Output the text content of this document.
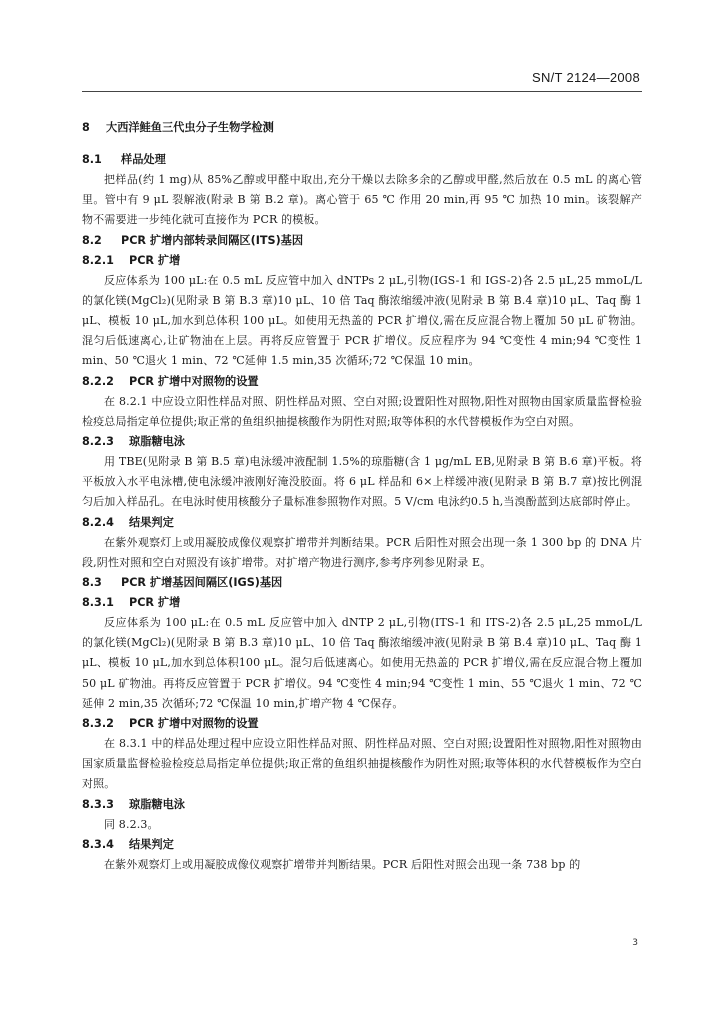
SN/T 2124—2008
8 大西洋鲑鱼三代虫分子生物学检测
8.1 样品处理
把样品(约 1 mg)从 85%乙醇或甲醛中取出,充分干燥以去除多余的乙醇或甲醛,然后放在 0.5 mL 的离心管里。管中有 9 μL 裂解液(附录 B 第 B.2 章)。离心管于 65 ℃ 作用 20 min,再 95 ℃ 加热 10 min。该裂解产物不需要进一步纯化就可直接作为 PCR 的模板。
8.2 PCR 扩增内部转录间隔区(ITS)基因
8.2.1 PCR 扩增
反应体系为 100 μL:在 0.5 mL 反应管中加入 dNTPs 2 μL,引物(IGS-1 和 IGS-2)各 2.5 μL,25 mmoL/L的氯化镁(MgCl₂)(见附录 B 第 B.3 章)10 μL、10 倍 Taq 酶浓缩缓冲液(见附录 B 第 B.4 章)10 μL、Taq 酶 1 μL、模板 10 μL,加水到总体积 100 μL。如使用无热盖的 PCR 扩增仪,需在反应混合物上覆加 50 μL 矿物油。混匀后低速离心,让矿物油在上层。再将反应管置于 PCR 扩增仪。反应程序为 94 ℃变性 4 min;94 ℃变性 1 min、50 ℃退火 1 min、72 ℃延伸 1.5 min,35 次循环;72 ℃保温 10 min。
8.2.2 PCR 扩增中对照物的设置
在 8.2.1 中应设立阳性样品对照、阴性样品对照、空白对照;设置阳性对照物,阳性对照物由国家质量监督检验检疫总局指定单位提供;取正常的鱼组织抽提核酸作为阴性对照;取等体积的水代替模板作为空白对照。
8.2.3 琼脂糖电泳
用 TBE(见附录 B 第 B.5 章)电泳缓冲液配制 1.5%的琼脂糖(含 1 μg/mL EB,见附录 B 第 B.6 章)平板。将平板放入水平电泳槽,使电泳缓冲液刚好淹没胶面。将 6 μL 样品和 6×上样缓冲液(见附录 B 第 B.7 章)按比例混匀后加入样品孔。在电泳时使用核酸分子量标准参照物作对照。5 V/cm 电泳约0.5 h,当溴酚蓝到达底部时停止。
8.2.4 结果判定
在紫外观察灯上或用凝胶成像仪观察扩增带并判断结果。PCR 后阳性对照会出现一条 1 300 bp 的 DNA 片段,阴性对照和空白对照没有该扩增带。对扩增产物进行测序,参考序列参见附录 E。
8.3 PCR 扩增基因间隔区(IGS)基因
8.3.1 PCR 扩增
反应体系为 100 μL:在 0.5 mL 反应管中加入 dNTP 2 μL,引物(ITS-1 和 ITS-2)各 2.5 μL,25 mmoL/L的氯化镁(MgCl₂)(见附录 B 第 B.3 章)10 μL、10 倍 Taq 酶浓缩缓冲液(见附录 B 第 B.4 章)10 μL、Taq 酶 1 μL、模板 10 μL,加水到总体积100 μL。混匀后低速离心。如使用无热盖的 PCR 扩增仪,需在反应混合物上覆加 50 μL 矿物油。再将反应管置于 PCR 扩增仪。94 ℃变性 4 min;94 ℃变性 1 min、55 ℃退火 1 min、72 ℃延伸 2 min,35 次循环;72 ℃保温 10 min,扩增产物 4 ℃保存。
8.3.2 PCR 扩增中对照物的设置
在 8.3.1 中的样品处理过程中应设立阳性样品对照、阴性样品对照、空白对照;设置阳性对照物,阳性对照物由国家质量监督检验检疫总局指定单位提供;取正常的鱼组织抽提核酸作为阴性对照;取等体积的水代替模板作为空白对照。
8.3.3 琼脂糖电泳
同 8.2.3。
8.3.4 结果判定
在紫外观察灯上或用凝胶成像仪观察扩增带并判断结果。PCR 后阳性对照会出现一条 738 bp 的
3
